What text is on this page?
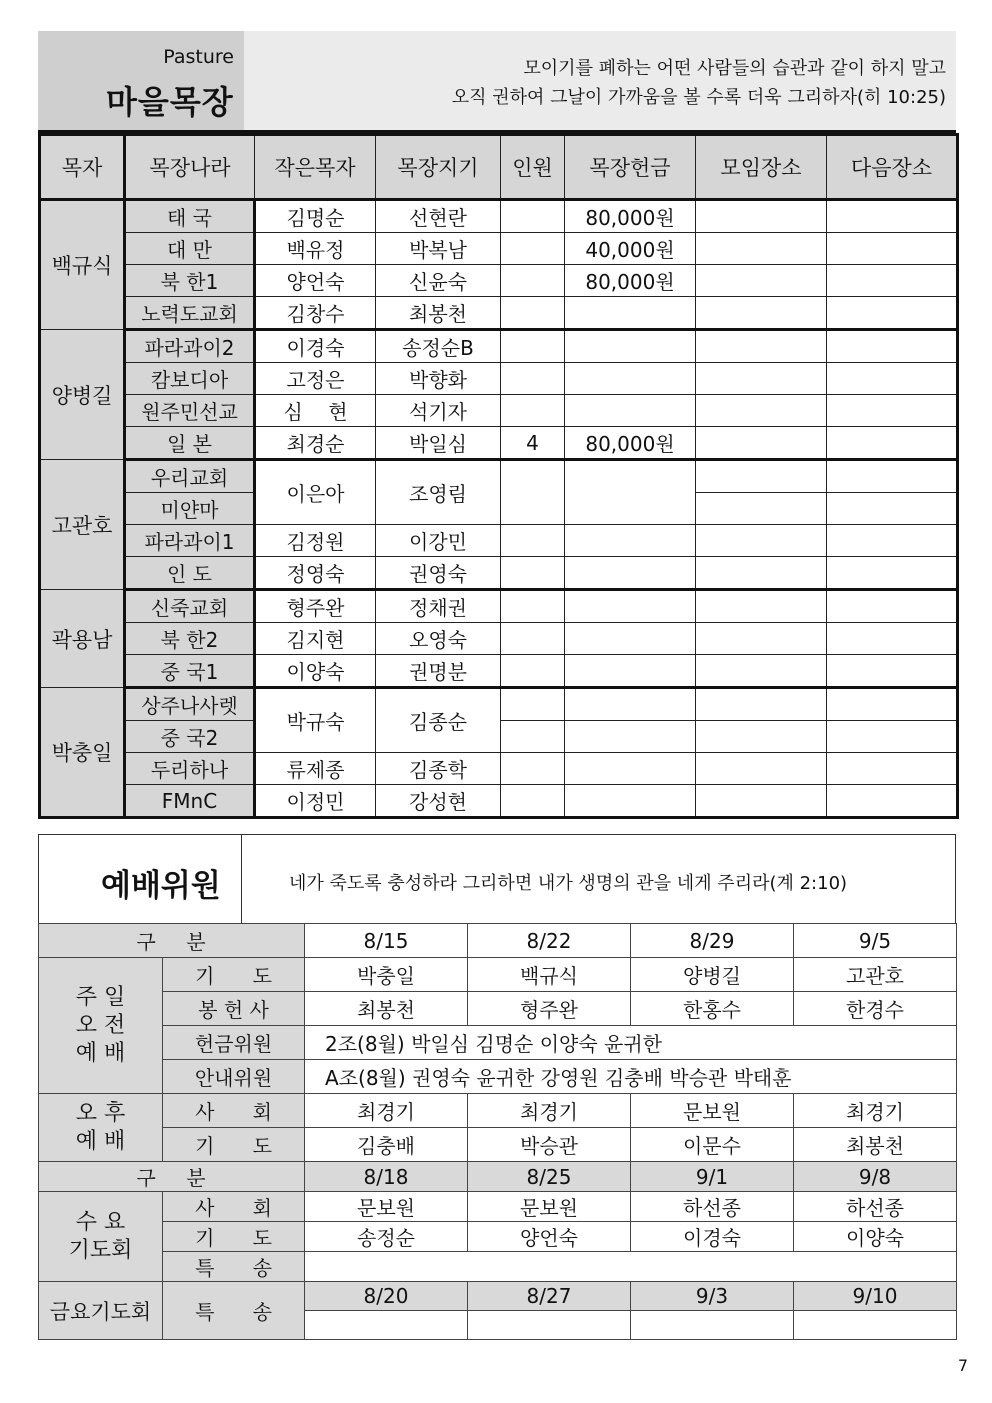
Pasture
마을목장
모이기를 폐하는 어떤 사람들의 습관과 같이 하지 말고
오직 권하여 그날이 가까움을 볼 수록 더욱 그리하자(히 10:25)
목자	목장나라	작은목자	목장지기	인원	목장헌금	모임장소	다음장소
백규식	태 국	김명순	선현란		80,000원		
	대 만	백유정	박복남		40,000원		
	북 한1	양언숙	신윤숙		80,000원		
	노력도교회	김창수	최봉천				
양병길	파라과이2	이경숙	송정순B				
	캄보디아	고정은	박향화				
	원주민선교	심    현	석기자				
	일 본	최경순	박일심	4	80,000원		
고관호	우리교회	이은아	조영림				
	미얀마						
	파라과이1	김정원	이강민				
	인 도	정영숙	권영숙				
곽용남	신죽교회	형주완	정채권				
	북 한2	김지현	오영숙				
	중 국1	이양숙	권명분				
박충일	상주나사렛	박규숙	김종순				
	중 국2						
	두리하나	류제종	김종학				
	FMnC	이정민	강성현				
예배위원	네가 죽도록 충성하라 그리하면 내가 생명의 관을 네게 주리라(계 2:10)
구    분		8/15	8/22	8/29	9/5
주 일
오 전
예 배	기      도	박충일	백규식	양병길	고관호
	봉 헌 사	최봉천	형주완	한홍수	한경수
	헌금위원	2조(8월) 박일심 김명순 이양숙 윤귀한			
	안내위원	A조(8월) 권영숙 윤귀한 강영원 김충배 박승관 박태훈			
오 후
예 배	사      회	최경기	최경기	문보원	최경기
	기      도	김충배	박승관	이문수	최봉천
구    분		8/18	8/25	9/1	9/8
수 요
기도회	사      회	문보원	문보원	하선종	하선종
	기      도	송정순	양언숙	이경숙	이양숙
	특      송				
금요기도회	특      송	8/20	8/27	9/3	9/10

7
